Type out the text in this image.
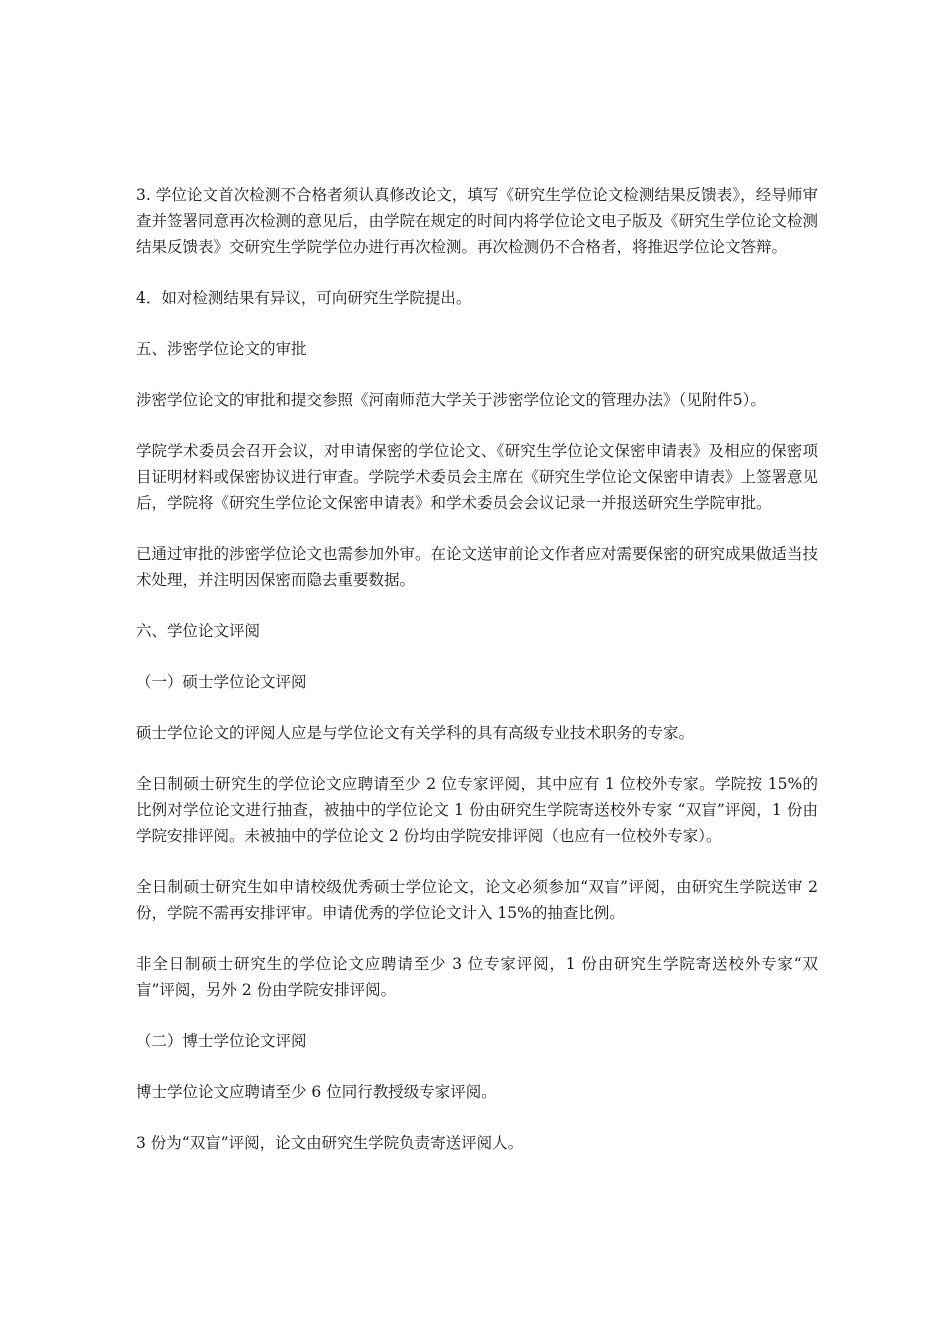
3. 学位论文首次检测不合格者须认真修改论文，填写《研究生学位论文检测结果反馈表》，经导师审查并签署同意再次检测的意见后，由学院在规定的时间内将学位论文电子版及《研究生学位论文检测结果反馈表》交研究生学院学位办进行再次检测。再次检测仍不合格者，将推迟学位论文答辩。

4．如对检测结果有异议，可向研究生学院提出。

五、涉密学位论文的审批

涉密学位论文的审批和提交参照《河南师范大学关于涉密学位论文的管理办法》（见附件5）。

学院学术委员会召开会议，对申请保密的学位论文、《研究生学位论文保密申请表》及相应的保密项目证明材料或保密协议进行审查。学院学术委员会主席在《研究生学位论文保密申请表》上签署意见后，学院将《研究生学位论文保密申请表》和学术委员会会议记录一并报送研究生学院审批。

已通过审批的涉密学位论文也需参加外审。在论文送审前论文作者应对需要保密的研究成果做适当技术处理，并注明因保密而隐去重要数据。

六、学位论文评阅

（一）硕士学位论文评阅

硕士学位论文的评阅人应是与学位论文有关学科的具有高级专业技术职务的专家。

全日制硕士研究生的学位论文应聘请至少 2 位专家评阅，其中应有 1 位校外专家。学院按 15%的比例对学位论文进行抽查，被抽中的学位论文 1 份由研究生学院寄送校外专家 “双盲”评阅，1 份由学院安排评阅。未被抽中的学位论文 2 份均由学院安排评阅（也应有一位校外专家）。

全日制硕士研究生如申请校级优秀硕士学位论文，论文必须参加“双盲”评阅，由研究生学院送审 2 份，学院不需再安排评审。申请优秀的学位论文计入 15%的抽查比例。

非全日制硕士研究生的学位论文应聘请至少 3 位专家评阅，1 份由研究生学院寄送校外专家“双盲”评阅，另外 2 份由学院安排评阅。

（二）博士学位论文评阅

博士学位论文应聘请至少 6 位同行教授级专家评阅。

3 份为“双盲”评阅，论文由研究生学院负责寄送评阅人。
